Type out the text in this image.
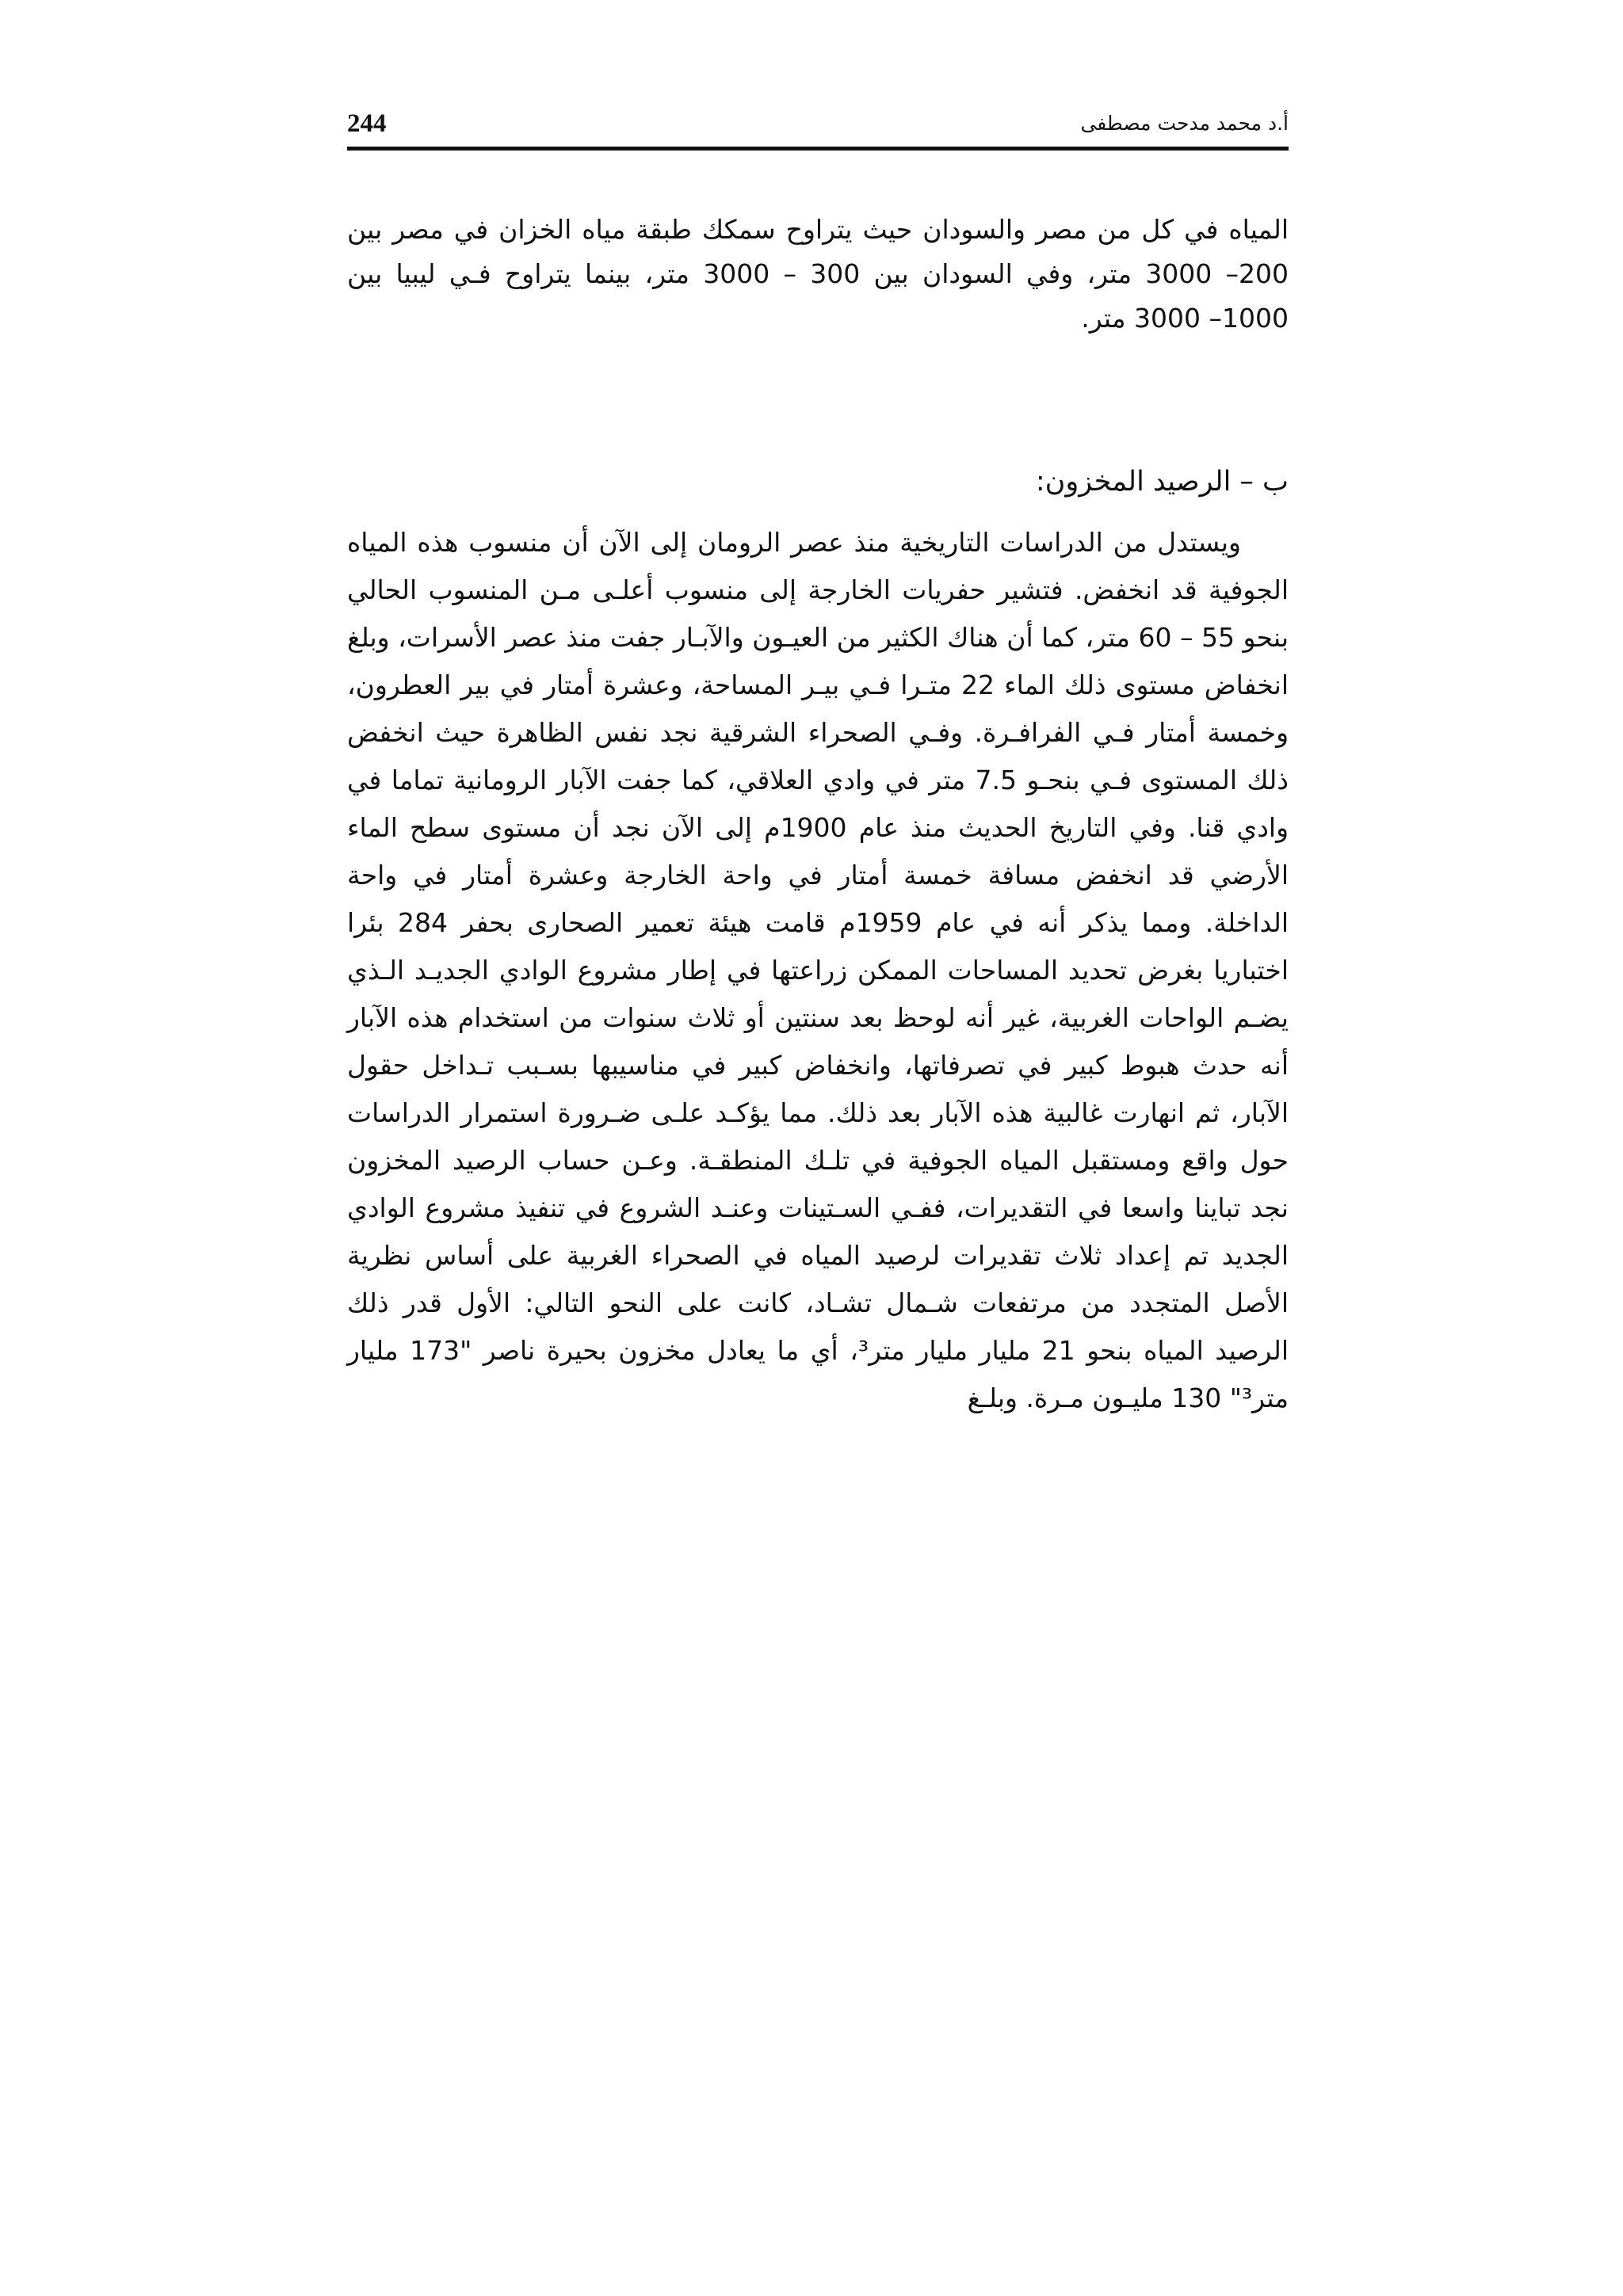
244	أ.د محمد مدحت مصطفى

المياه في كل من مصر والسودان حيث يتراوح سمكك طبقة مياه الخزان في مصر بين 200– 3000 متر، وفي السودان بين 300 – 3000 متر، بينما يتراوح فـي ليبيا بين 1000– 3000 متر.

ب – الرصيد المخزون:

ويستدل من الدراسات التاريخية منذ عصر الرومان إلى الآن أن منسوب هذه المياه الجوفية قد انخفض. فتشير حفريات الخارجة إلى منسوب أعلـى مـن المنسوب الحالي بنحو 55 – 60 متر، كما أن هناك الكثير من العيـون والآبـار جفت منذ عصر الأسرات، وبلغ انخفاض مستوى ذلك الماء 22 متـرا فـي بيـر المساحة، وعشرة أمتار في بير العطرون، وخمسة أمتار فـي الفرافـرة. وفـي الصحراء الشرقية نجد نفس الظاهرة حيث انخفض ذلك المستوى فـي بنحـو 7.5 متر في وادي العلاقي، كما جفت الآبار الرومانية تماما في وادي قنا. وفي التاريخ الحديث منذ عام 1900م إلى الآن نجد أن مستوى سطح الماء الأرضي قد انخفض مسافة خمسة أمتار في واحة الخارجة وعشرة أمتار في واحة الداخلة. ومما يذكر أنه في عام 1959م قامت هيئة تعمير الصحارى بحفر 284 بئرا اختباريا بغرض تحديد المساحات الممكن زراعتها في إطار مشروع الوادي الجديـد الـذي يضـم الواحات الغربية، غير أنه لوحظ بعد سنتين أو ثلاث سنوات من استخدام هذه الآبار أنه حدث هبوط كبير في تصرفاتها، وانخفاض كبير في مناسيبها بسـبب تـداخل حقول الآبار، ثم انهارت غالبية هذه الآبار بعد ذلك. مما يؤكـد علـى ضـرورة استمرار الدراسات حول واقع ومستقبل المياه الجوفية في تلـك المنطقـة. وعـن حساب الرصيد المخزون نجد تباينا واسعا في التقديرات، ففـي السـتينات وعنـد الشروع في تنفيذ مشروع الوادي الجديد تم إعداد ثلاث تقديرات لرصيد المياه في الصحراء الغربية على أساس نظرية الأصل المتجدد من مرتفعات شـمال تشـاد، كانت على النحو التالي: الأول قدر ذلك الرصيد المياه بنحو 21 مليار مليار متر³، أي ما يعادل مخزون بحيرة ناصر "173 مليار متر³" 130 مليـون مـرة. وبلـغ
